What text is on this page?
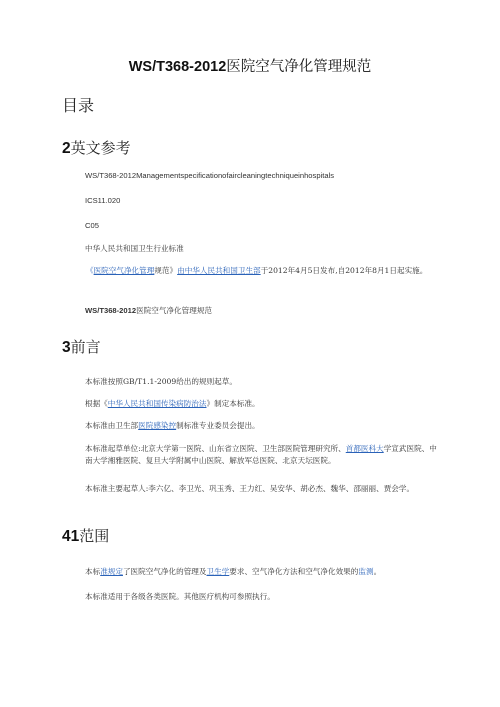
WS/T368-2012医院空气净化管理规范
目录
2英文参考
WS/T368-2012Managementspecificationofaircleaningtechniqueinhospitals
ICS11.020
C05
中华人民共和国卫生行业标准
《医院空气净化管理规范》由中华人民共和国卫生部于2012年4月5日发布,自2012年8月1日起实施。
WS/T368-2012医院空气净化管理规范
3前言
本标准按照GB/T1.1-2009给出的规则起草。
根据《中华人民共和国传染病防治法》制定本标准。
本标准由卫生部医院感染控制标准专业委员会提出。
本标准起草单位:北京大学第一医院、山东省立医院、卫生部医院管理研究所、首都医科大学宣武医院、中南大学湘雅医院、复旦大学附属中山医院、解放军总医院、北京天坛医院。
本标准主要起草人:李六亿、李卫光、巩玉秀、王力红、吴安华、胡必杰、魏华、邵丽丽、贾会学。
41范围
本标准规定了医院空气净化的管理及卫生学要求、空气净化方法和空气净化效果的监测。
本标准适用于各级各类医院。其他医疗机构可参照执行。
